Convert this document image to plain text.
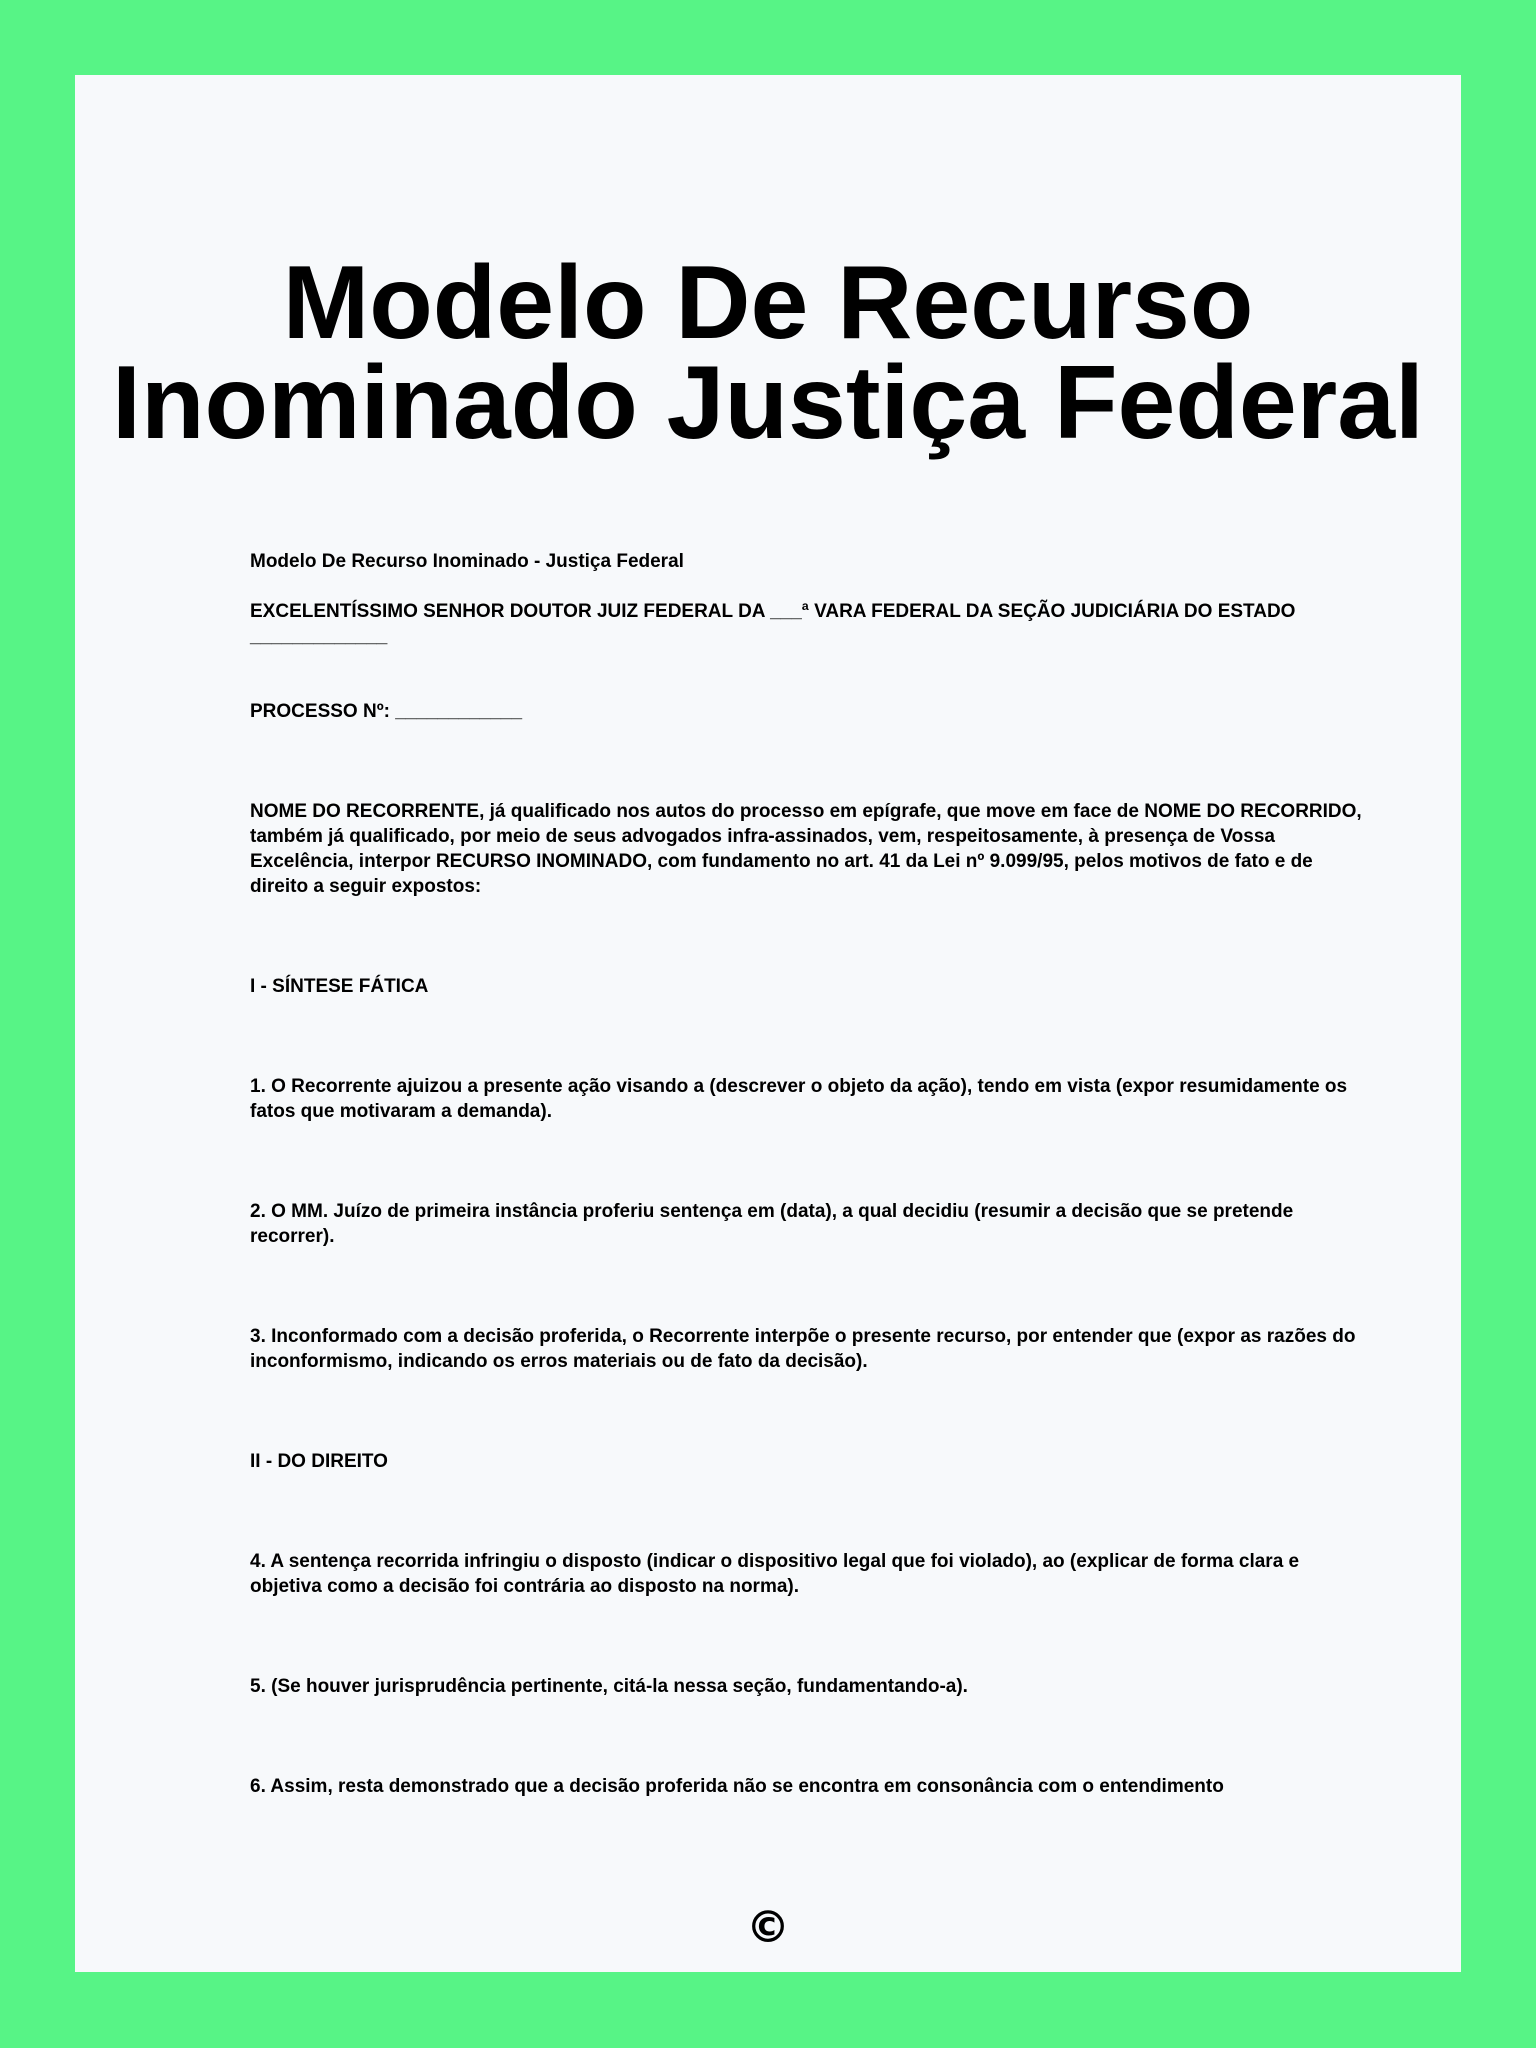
Modelo De Recurso
Inominado Justiça Federal

Modelo De Recurso Inominado - Justiça Federal

EXCELENTÍSSIMO SENHOR DOUTOR JUIZ FEDERAL DA ___ª VARA FEDERAL DA SEÇÃO JUDICIÁRIA DO ESTADO _____________

PROCESSO Nº: ____________

NOME DO RECORRENTE, já qualificado nos autos do processo em epígrafe, que move em face de NOME DO RECORRIDO, também já qualificado, por meio de seus advogados infra-assinados, vem, respeitosamente, à presença de Vossa Excelência, interpor RECURSO INOMINADO, com fundamento no art. 41 da Lei nº 9.099/95, pelos motivos de fato e de direito a seguir expostos:

I - SÍNTESE FÁTICA

1. O Recorrente ajuizou a presente ação visando a (descrever o objeto da ação), tendo em vista (expor resumidamente os fatos que motivaram a demanda).

2. O MM. Juízo de primeira instância proferiu sentença em (data), a qual decidiu (resumir a decisão que se pretende recorrer).

3. Inconformado com a decisão proferida, o Recorrente interpõe o presente recurso, por entender que (expor as razões do inconformismo, indicando os erros materiais ou de fato da decisão).

II - DO DIREITO

4. A sentença recorrida infringiu o disposto (indicar o dispositivo legal que foi violado), ao (explicar de forma clara e objetiva como a decisão foi contrária ao disposto na norma).

5. (Se houver jurisprudência pertinente, citá-la nessa seção, fundamentando-a).

6. Assim, resta demonstrado que a decisão proferida não se encontra em consonância com o entendimento

©
